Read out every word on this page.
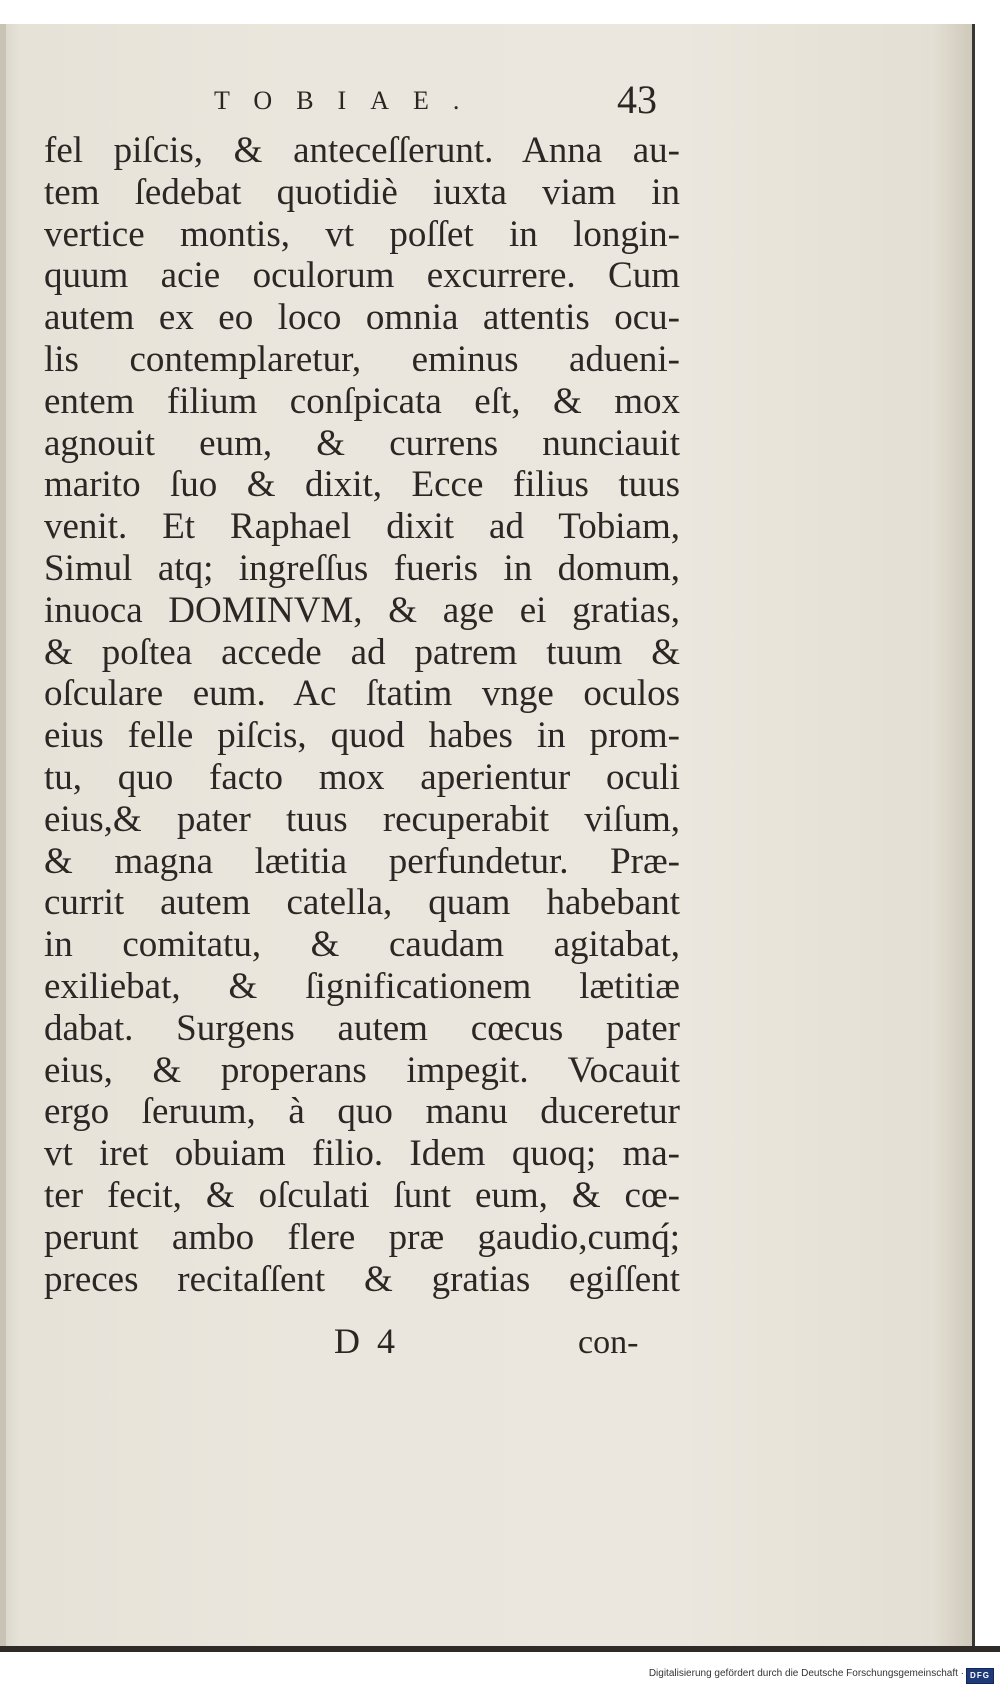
TOBIAE.	43
fel piſcis, & anteceſſerunt. Anna au-
tem ſedebat quotidiè iuxta viam in
vertice montis, vt poſſet in longin-
quum acie oculorum excurrere. Cum
autem ex eo loco omnia attentis ocu-
lis contemplaretur, eminus adueni-
entem filium conſpicata eſt, & mox
agnouit eum, & currens nunciauit
marito ſuo & dixit, Ecce filius tuus
venit. Et Raphael dixit ad Tobiam,
Simul atq; ingreſſus fueris in domum,
inuoca DOMINVM, & age ei gratias,
& poſtea accede ad patrem tuum &
oſculare eum. Ac ſtatim vnge oculos
eius felle piſcis, quod habes in prom-
tu, quo facto mox aperientur oculi
eius,& pater tuus recuperabit viſum,
& magna lætitia perfundetur. Præ-
currit autem catella, quam habebant
in comitatu, & caudam agitabat,
exiliebat, & ſignificationem lætitiæ
dabat. Surgens autem cœcus pater
eius, & properans impegit. Vocauit
ergo ſeruum, à quo manu duceretur
vt iret obuiam filio. Idem quoq; ma-
ter fecit, & oſculati ſunt eum, & cœ-
perunt ambo flere præ gaudio,cumq́;
preces recitaſſent & gratias egiſſent
D 4	con-
Digitalisierung gefördert durch die Deutsche Forschungsgemeinschaft · DFG
